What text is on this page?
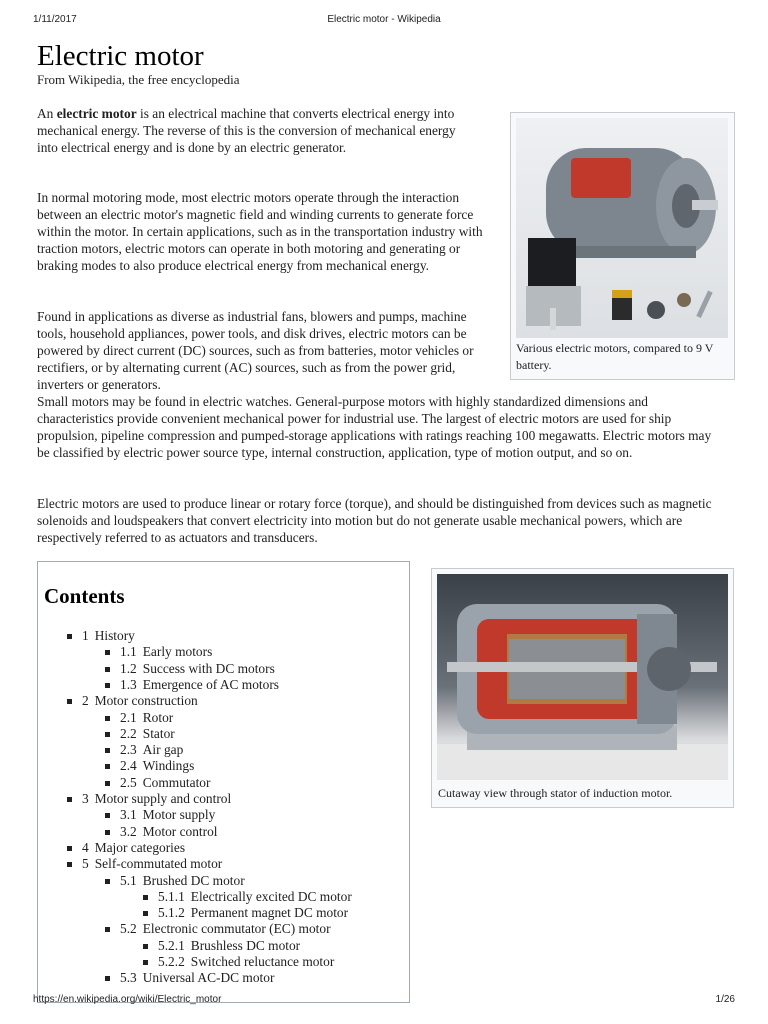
1/11/2017	Electric motor - Wikipedia
Electric motor
From Wikipedia, the free encyclopedia

An electric motor is an electrical machine that converts electrical energy into mechanical energy. The reverse of this is the conversion of mechanical energy into electrical energy and is done by an electric generator.

In normal motoring mode, most electric motors operate through the interaction between an electric motor's magnetic field and winding currents to generate force within the motor. In certain applications, such as in the transportation industry with traction motors, electric motors can operate in both motoring and generating or braking modes to also produce electrical energy from mechanical energy.

Found in applications as diverse as industrial fans, blowers and pumps, machine tools, household appliances, power tools, and disk drives, electric motors can be powered by direct current (DC) sources, such as from batteries, motor vehicles or rectifiers, or by alternating current (AC) sources, such as from the power grid, inverters or generators.

Small motors may be found in electric watches. General-purpose motors with highly standardized dimensions and characteristics provide convenient mechanical power for industrial use. The largest of electric motors are used for ship propulsion, pipeline compression and pumped-storage applications with ratings reaching 100 megawatts. Electric motors may be classified by electric power source type, internal construction, application, type of motion output, and so on.

Electric motors are used to produce linear or rotary force (torque), and should be distinguished from devices such as magnetic solenoids and loudspeakers that convert electricity into motion but do not generate usable mechanical powers, which are respectively referred to as actuators and transducers.

Various electric motors, compared to 9 V battery.
Cutaway view through stator of induction motor.
Contents
1 History
1.1 Early motors
1.2 Success with DC motors
1.3 Emergence of AC motors
2 Motor construction
2.1 Rotor
2.2 Stator
2.3 Air gap
2.4 Windings
2.5 Commutator
3 Motor supply and control
3.1 Motor supply
3.2 Motor control
4 Major categories
5 Self-commutated motor
5.1 Brushed DC motor
5.1.1 Electrically excited DC motor
5.1.2 Permanent magnet DC motor
5.2 Electronic commutator (EC) motor
5.2.1 Brushless DC motor
5.2.2 Switched reluctance motor
5.3 Universal AC-DC motor
https://en.wikipedia.org/wiki/Electric_motor	1/26
